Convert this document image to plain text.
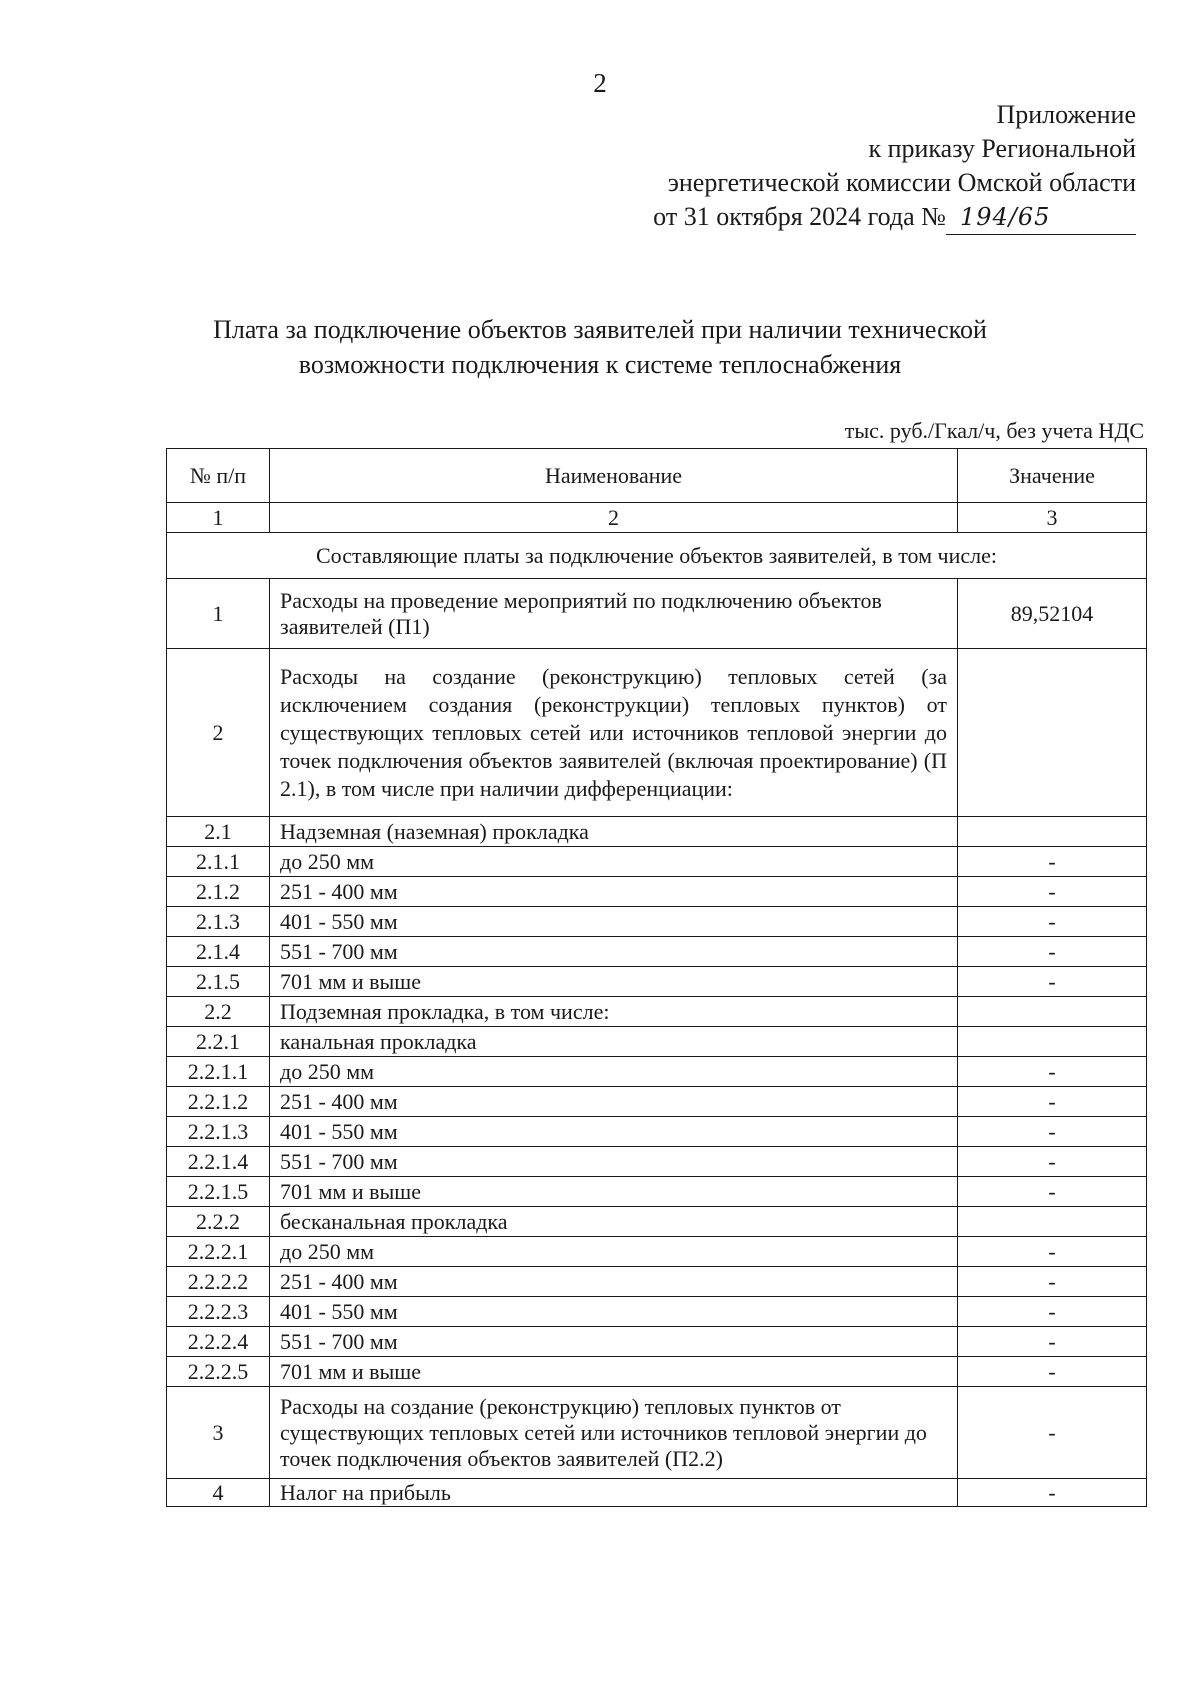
2
Приложение
к приказу Региональной
энергетической комиссии Омской области
от 31 октября 2024 года № 194/65
Плата за подключение объектов заявителей при наличии технической
возможности подключения к системе теплоснабжения
тыс. руб./Гкал/ч, без учета НДС
№ п/п	Наименование	Значение
1	2	3
Составляющие платы за подключение объектов заявителей, в том числе:		
1	Расходы на проведение мероприятий по подключению объектов заявителей (П1)	89,52104
2	Расходы на создание (реконструкцию) тепловых сетей (за исключением создания (реконструкции) тепловых пунктов) от существующих тепловых сетей или источников тепловой энергии до точек подключения объектов заявителей (включая проектирование) (П 2.1), в том числе при наличии дифференциации:	
2.1	Надземная (наземная) прокладка	
2.1.1	до 250 мм	-
2.1.2	251 - 400 мм	-
2.1.3	401 - 550 мм	-
2.1.4	551 - 700 мм	-
2.1.5	701 мм и выше	-
2.2	Подземная прокладка, в том числе:	
2.2.1	канальная прокладка	
2.2.1.1	до 250 мм	-
2.2.1.2	251 - 400 мм	-
2.2.1.3	401 - 550 мм	-
2.2.1.4	551 - 700 мм	-
2.2.1.5	701 мм и выше	-
2.2.2	бесканальная прокладка	
2.2.2.1	до 250 мм	-
2.2.2.2	251 - 400 мм	-
2.2.2.3	401 - 550 мм	-
2.2.2.4	551 - 700 мм	-
2.2.2.5	701 мм и выше	-
3	Расходы на создание (реконструкцию) тепловых пунктов от существующих тепловых сетей или источников тепловой энергии до точек подключения объектов заявителей (П2.2)	-
4	Налог на прибыль	-
